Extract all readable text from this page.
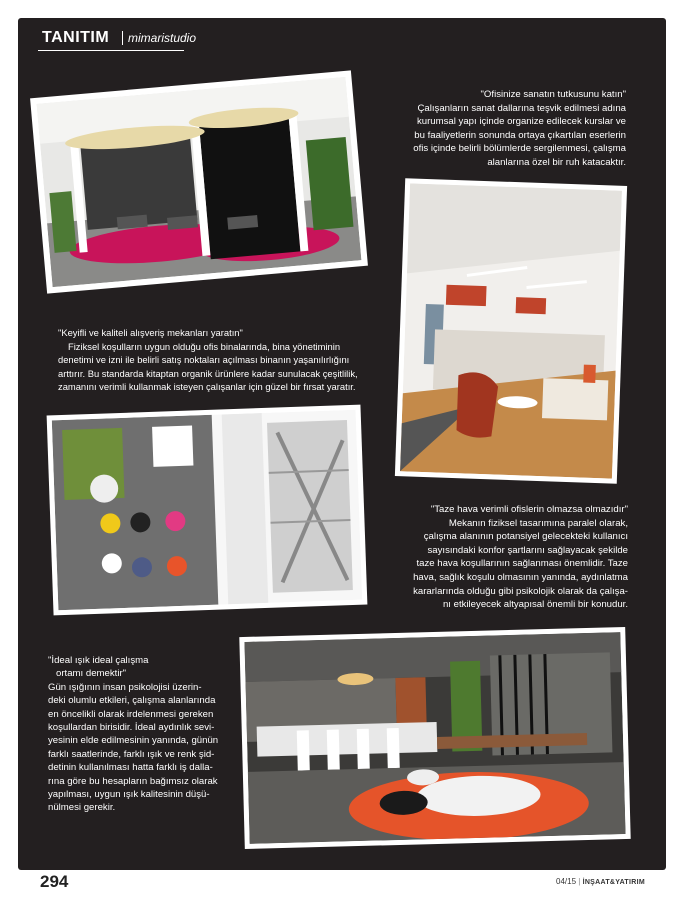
TANITIM mimaristudio

"Ofisinize sanatın tutkusunu katın"

Çalışanların sanat dallarına teşvik edilmesi adına

kurumsal yapı içinde organize edilecek kurslar ve

bu faaliyetlerin sonunda ortaya çıkartılan eserlerin

ofis içinde belirli bölümlerde sergilenmesi, çalışma

alanlarına özel bir ruh katacaktır.

"Keyifli ve kaliteli alışveriş mekanları yaratın"

Fiziksel koşulların uygun olduğu ofis binalarında, bina yönetiminin

denetimi ve izni ile belirli satış noktaları açılması binanın yaşanılırlığını

arttırır. Bu standarda kitaptan organik ürünlere kadar sunulacak çeşitlilik,

zamanını verimli kullanmak isteyen çalışanlar için güzel bir fırsat yaratır.

"Taze hava verimli ofislerin olmazsa olmazıdır"

Mekanın fiziksel tasarımına paralel olarak,

çalışma alanının potansiyel gelecekteki kullanıcı

sayısındaki konfor şartlarını sağlayacak şekilde

taze hava koşullarının sağlanması önemlidir. Taze

hava, sağlık koşulu olmasının yanında, aydınlatma

kararlarında olduğu gibi psikolojik olarak da çalışa-

nı etkileyecek altyapısal önemli bir konudur.

"İdeal ışık ideal çalışma

ortamı demektir"

Gün ışığının insan psikolojisi üzerin-

deki olumlu etkileri, çalışma alanlarında

en öncelikli olarak irdelenmesi gereken

koşullardan birisidir. İdeal aydınlık sevi-

yesinin elde edilmesinin yanında, günün

farklı saatlerinde, farklı ışık ve renk şid-

detinin kullanılması hatta farklı iş dalla-

rına göre bu hesapların bağımsız olarak

yapılması, uygun ışık kalitesinin düşü-

nülmesi gerekir.

294	04/15 | İNŞAAT&YATIRIM
